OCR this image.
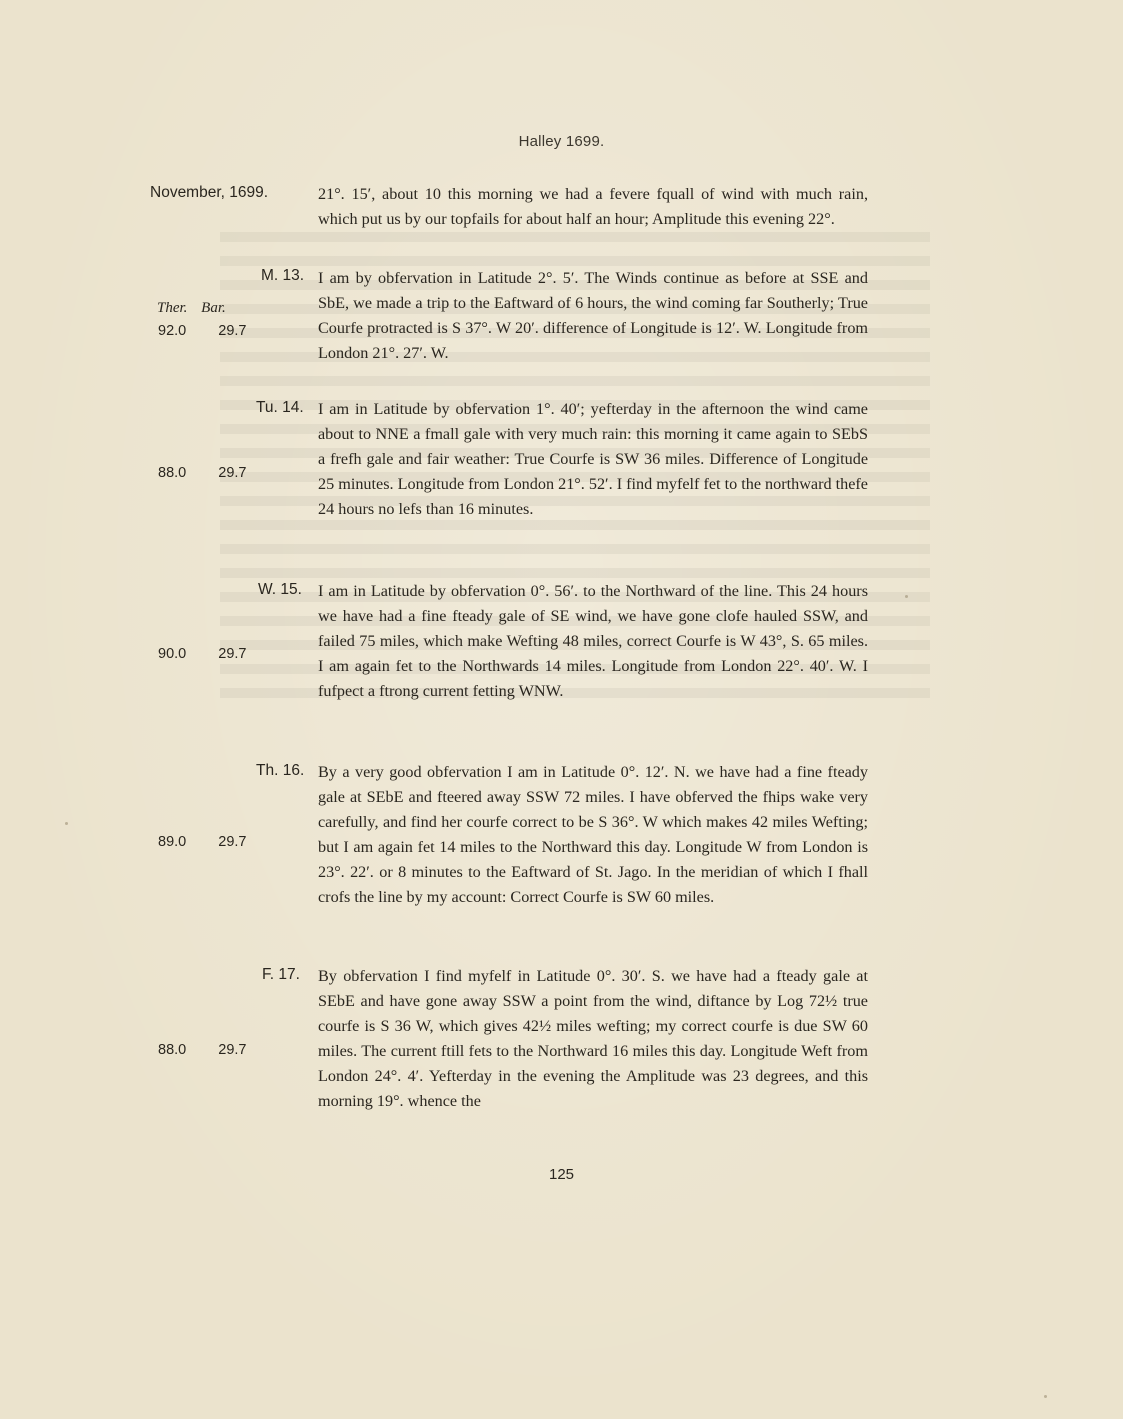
Halley 1699.
Ther. Bar.
November, 1699.	21°. 15′, about 10 this morning we had a fevere fquall of wind with much rain, which put us by our topfails for about half an hour; Amplitude this evening 22°.
M. 13.
92.0  29.7
I am by obfervation in Latitude 2°. 5′. The Winds continue as before at SSE and SbE, we made a trip to the Eaftward of 6 hours, the wind coming far Southerly; True Courfe protracted is S 37°. W 20′. difference of Longitude is 12′. W. Longitude from London 21°. 27′. W.
Tu. 14.
88.0  29.7
I am in Latitude by obfervation 1°. 40′; yefterday in the afternoon the wind came about to NNE a fmall gale with very much rain: this morning it came again to SEbS a frefh gale and fair weather: True Courfe is SW 36 miles. Difference of Longitude 25 minutes. Longitude from London 21°. 52′. I find myfelf fet to the northward thefe 24 hours no lefs than 16 minutes.
W. 15.
90.0  29.7
I am in Latitude by obfervation 0°. 56′. to the Northward of the line. This 24 hours we have had a fine fteady gale of SE wind, we have gone clofe hauled SSW, and failed 75 miles, which make Wefting 48 miles, correct Courfe is W 43°, S. 65 miles. I am again fet to the Northwards 14 miles. Longitude from London 22°. 40′. W. I fufpect a ftrong current fetting WNW.
Th. 16.
89.0  29.7
By a very good obfervation I am in Latitude 0°. 12′. N. we have had a fine fteady gale at SEbE and fteered away SSW 72 miles. I have obferved the fhips wake very carefully, and find her courfe correct to be S 36°. W which makes 42 miles Wefting; but I am again fet 14 miles to the Northward this day. Longitude W from London is 23°. 22′. or 8 minutes to the Eaftward of St. Jago. In the meridian of which I fhall crofs the line by my account: Correct Courfe is SW 60 miles.
F. 17.
88.0  29.7
By obfervation I find myfelf in Latitude 0°. 30′. S. we have had a fteady gale at SEbE and have gone away SSW a point from the wind, diftance by Log 72½ true courfe is S 36 W, which gives 42½ miles wefting; my correct courfe is due SW 60 miles. The current ftill fets to the Northward 16 miles this day. Longitude Weft from London 24°. 4′. Yefterday in the evening the Amplitude was 23 degrees, and this morning 19°. whence the
125
